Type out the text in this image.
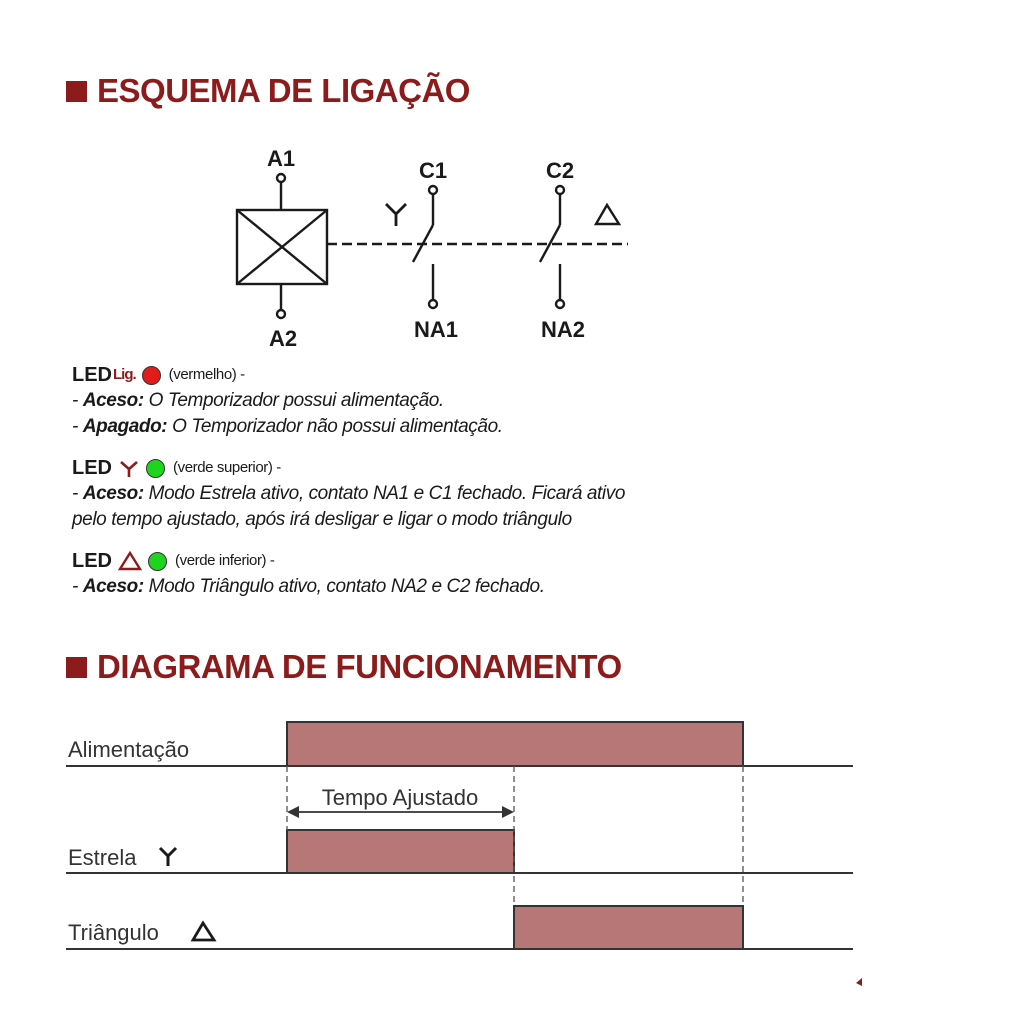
ESQUEMA DE LIGAÇÃO
DIAGRAMA DE FUNCIONAMENTO
A1
A2
C1	C2
NA1	NA2
LED Lig. (vermelho) -
- Aceso: O Temporizador possui alimentação.
- Apagado: O Temporizador não possui alimentação.
LED	(verde superior) -
- Aceso: Modo Estrela ativo, contato NA1 e C1 fechado. Ficará ativo
pelo tempo ajustado, após irá desligar e ligar o modo triângulo
LED	(verde inferior) -
- Aceso: Modo Triângulo ativo, contato NA2 e C2 fechado.
Tempo Ajustado
Alimentação
Estrela
Triângulo
